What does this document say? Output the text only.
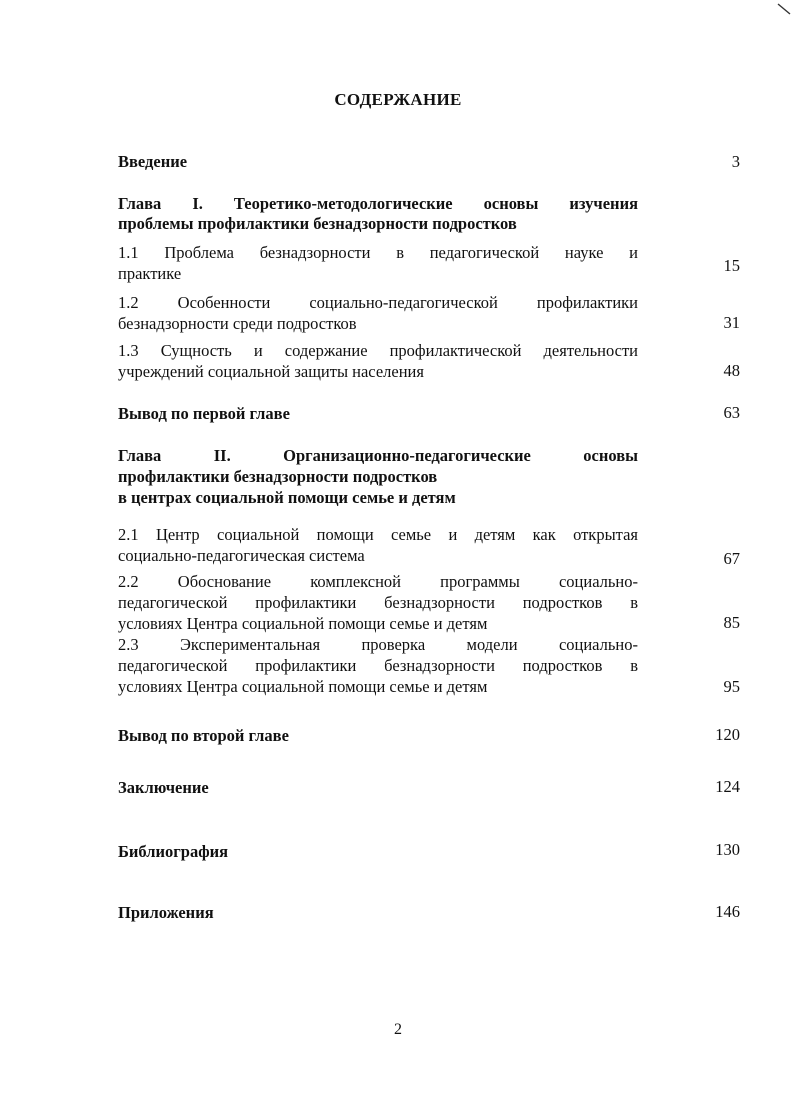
СОДЕРЖАНИЕ
Введение	3
Глава I. Теоретико-методологические основы изучения
проблемы профилактики безнадзорности подростков
1.1 Проблема безнадзорности в педагогической науке и
практике	15
1.2 Особенности социально-педагогической профилактики
безнадзорности среди подростков	31
1.3 Сущность и содержание профилактической деятельности
учреждений социальной защиты населения	48
Вывод по первой главе	63
Глава II. Организационно-педагогические основы
профилактики безнадзорности подростков
в центрах социальной помощи семье и детям
2.1 Центр социальной помощи семье и детям как открытая
социально-педагогическая система	67
2.2 Обоснование комплексной программы социально-
педагогической профилактики безнадзорности подростков в
условиях Центра социальной помощи семье и детям	85
2.3 Экспериментальная проверка модели социально-
педагогической профилактики безнадзорности подростков в
условиях Центра социальной помощи семье и детям	95
Вывод по второй главе	120
Заключение	124
Библиография	130
Приложения	146
2
